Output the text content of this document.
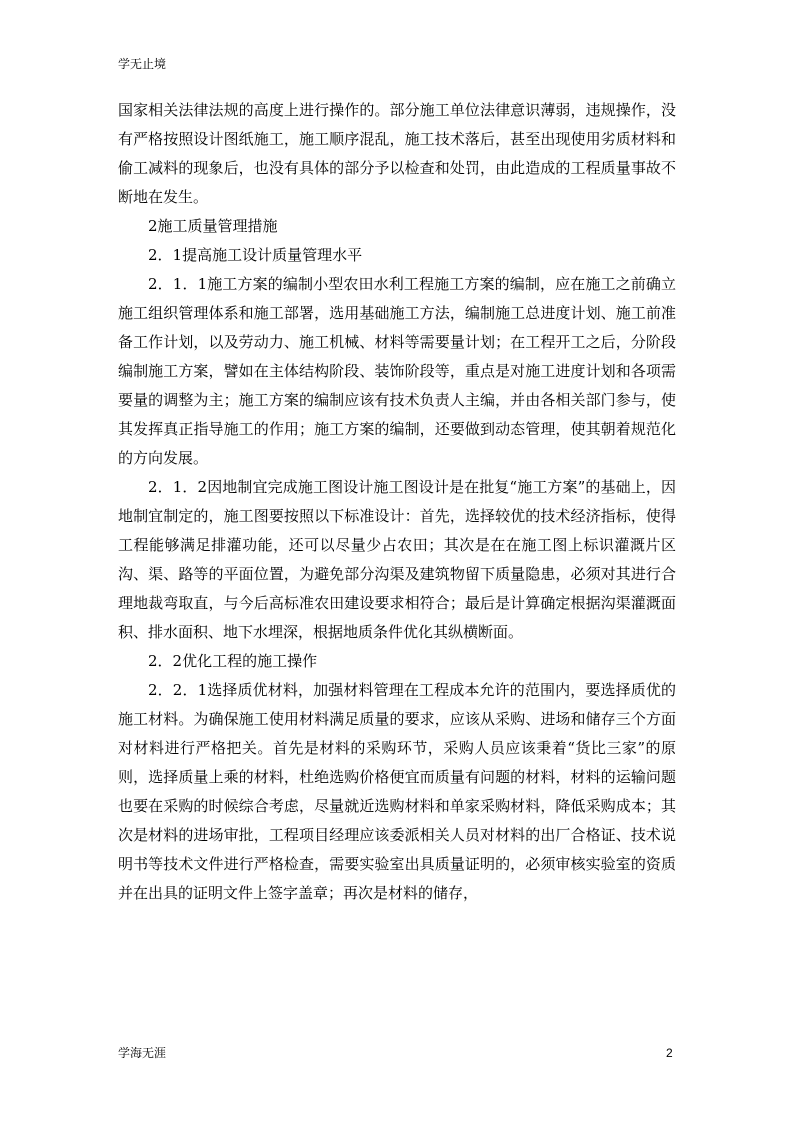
学无止境

国家相关法律法规的高度上进行操作的。部分施工单位法律意识薄弱，违规操作，没有严格按照设计图纸施工，施工顺序混乱，施工技术落后，甚至出现使用劣质材料和偷工减料的现象后，也没有具体的部分予以检查和处罚，由此造成的工程质量事故不断地在发生。

2施工质量管理措施

2．1提高施工设计质量管理水平

2．1．1施工方案的编制小型农田水利工程施工方案的编制，应在施工之前确立施工组织管理体系和施工部署，选用基础施工方法，编制施工总进度计划、施工前准备工作计划，以及劳动力、施工机械、材料等需要量计划；在工程开工之后，分阶段编制施工方案，譬如在主体结构阶段、装饰阶段等，重点是对施工进度计划和各项需要量的调整为主；施工方案的编制应该有技术负责人主编，并由各相关部门参与，使其发挥真正指导施工的作用；施工方案的编制，还要做到动态管理，使其朝着规范化的方向发展。

2．1．2因地制宜完成施工图设计施工图设计是在批复“施工方案”的基础上，因地制宜制定的，施工图要按照以下标准设计：首先，选择较优的技术经济指标，使得工程能够满足排灌功能，还可以尽量少占农田；其次是在在施工图上标识灌溉片区沟、渠、路等的平面位置，为避免部分沟渠及建筑物留下质量隐患，必须对其进行合理地裁弯取直，与今后高标准农田建设要求相符合；最后是计算确定根据沟渠灌溉面积、排水面积、地下水埋深，根据地质条件优化其纵横断面。

2．2优化工程的施工操作

2．2．1选择质优材料，加强材料管理在工程成本允许的范围内，要选择质优的施工材料。为确保施工使用材料满足质量的要求，应该从采购、进场和储存三个方面对材料进行严格把关。首先是材料的采购环节，采购人员应该秉着“货比三家”的原则，选择质量上乘的材料，杜绝选购价格便宜而质量有问题的材料，材料的运输问题也要在采购的时候综合考虑，尽量就近选购材料和单家采购材料，降低采购成本；其次是材料的进场审批，工程项目经理应该委派相关人员对材料的出厂合格证、技术说明书等技术文件进行严格检查，需要实验室出具质量证明的，必须审核实验室的资质并在出具的证明文件上签字盖章；再次是材料的储存，

学海无涯	2
